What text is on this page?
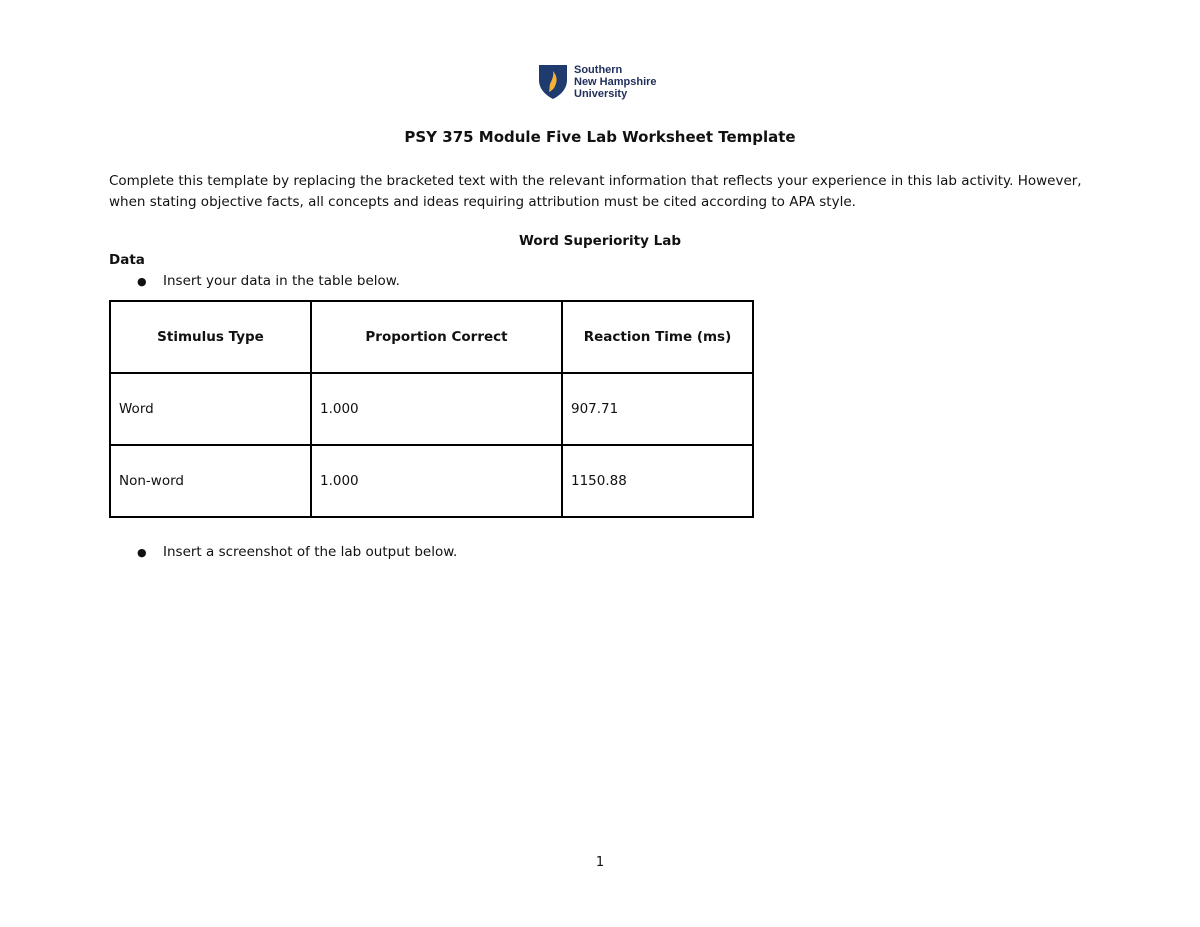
Southern
New Hampshire
University
PSY 375 Module Five Lab Worksheet Template

Complete this template by replacing the bracketed text with the relevant information that reflects your experience in this lab activity. However,

when stating objective facts, all concepts and ideas requiring attribution must be cited according to APA style.

Word Superiority Lab
Data
●	Insert your data in the table below.
Stimulus Type	Proportion Correct	Reaction Time (ms)
Word	1.000	907.71
Non-word	1.000	1150.88
●	Insert a screenshot of the lab output below.
1
